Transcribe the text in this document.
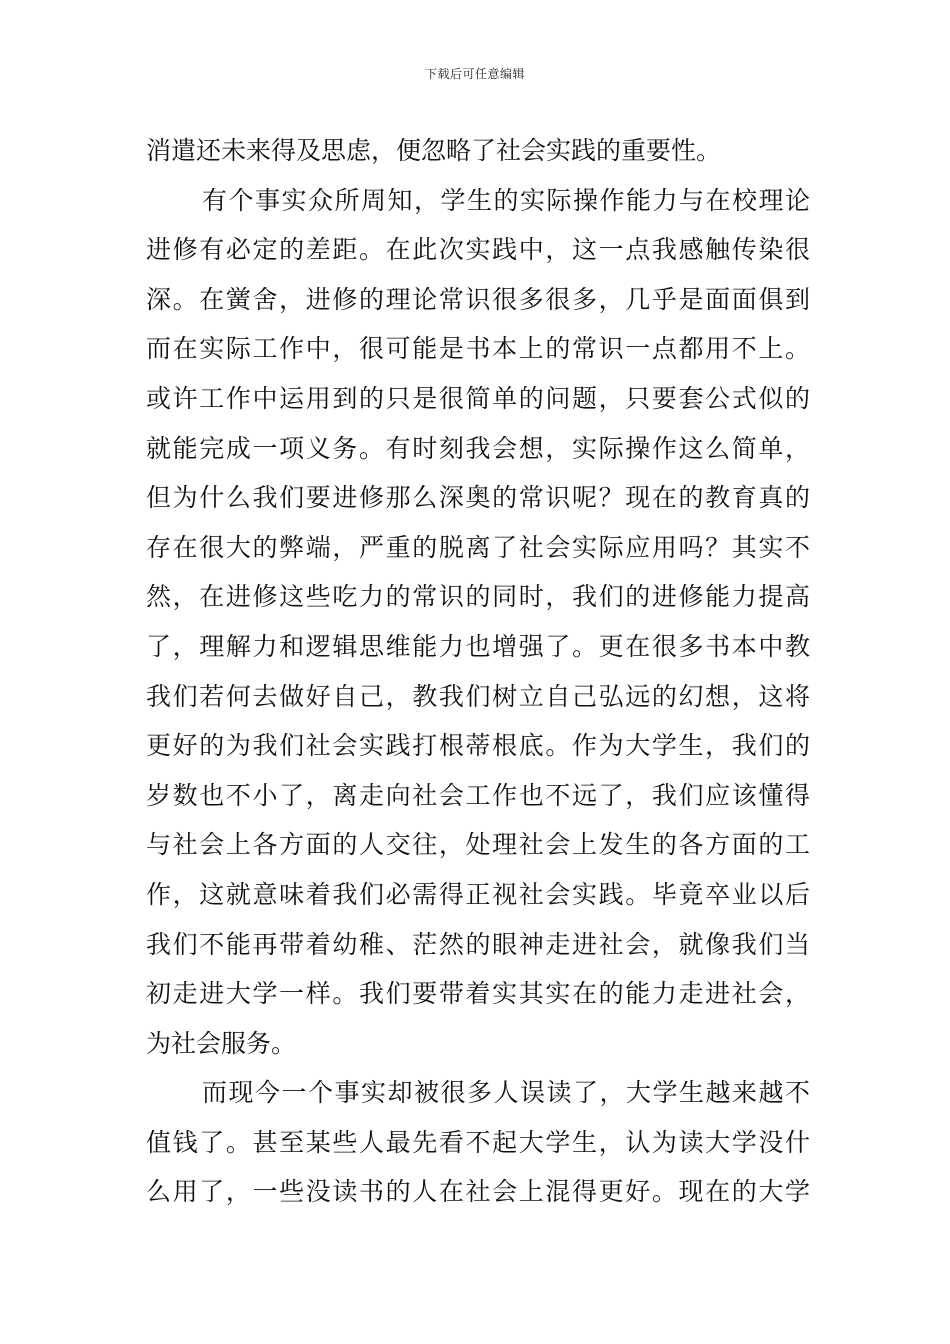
下载后可任意编辑
消遣还未来得及思虑，便忽略了社会实践的重要性。
有个事实众所周知，学生的实际操作能力与在校理论
进修有必定的差距。在此次实践中，这一点我感触传染很
深。在黉舍，进修的理论常识很多很多，几乎是面面俱到
而在实际工作中，很可能是书本上的常识一点都用不上。
或许工作中运用到的只是很简单的问题，只要套公式似的
就能完成一项义务。有时刻我会想，实际操作这么简单，
但为什么我们要进修那么深奥的常识呢？现在的教育真的
存在很大的弊端，严重的脱离了社会实际应用吗？其实不
然，在进修这些吃力的常识的同时，我们的进修能力提高
了，理解力和逻辑思维能力也增强了。更在很多书本中教
我们若何去做好自己，教我们树立自己弘远的幻想，这将
更好的为我们社会实践打根蒂根底。作为大学生，我们的
岁数也不小了，离走向社会工作也不远了，我们应该懂得
与社会上各方面的人交往，处理社会上发生的各方面的工
作，这就意味着我们必需得正视社会实践。毕竟卒业以后
我们不能再带着幼稚、茫然的眼神走进社会，就像我们当
初走进大学一样。我们要带着实其实在的能力走进社会，
为社会服务。
而现今一个事实却被很多人误读了，大学生越来越不
值钱了。甚至某些人最先看不起大学生，认为读大学没什
么用了，一些没读书的人在社会上混得更好。现在的大学
